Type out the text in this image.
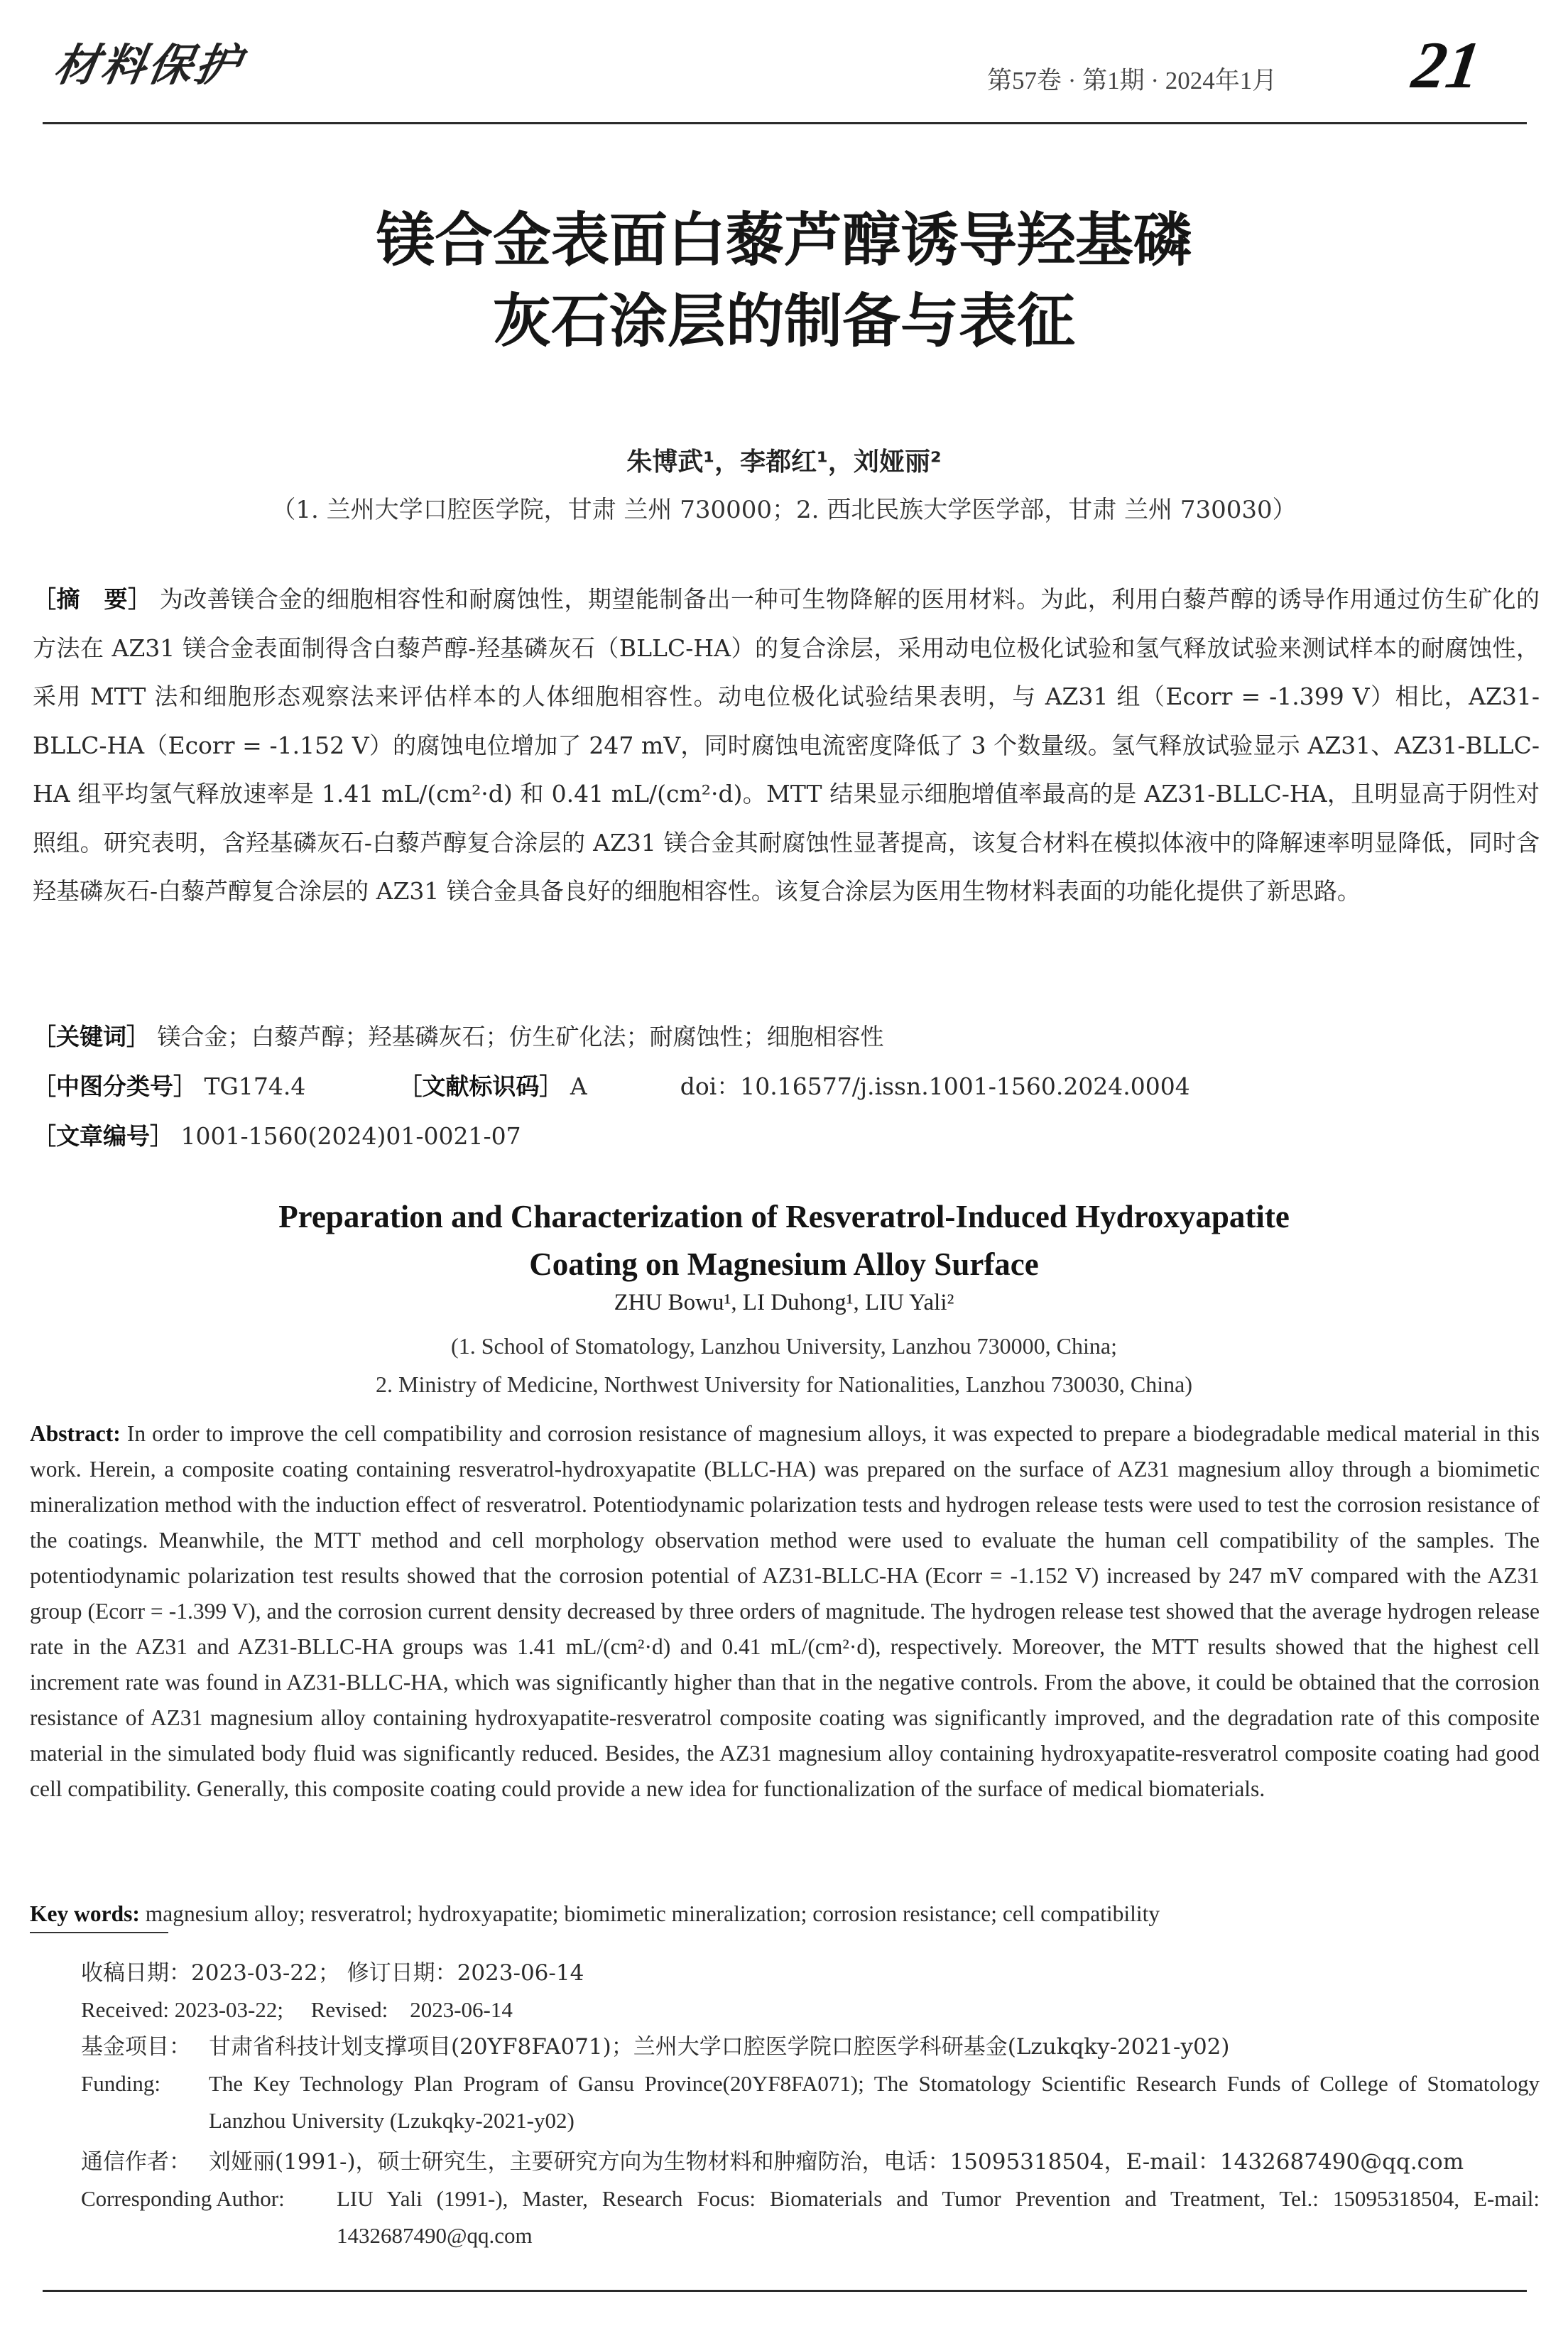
材料保护	第57卷 · 第1期 · 2024年1月 21
镁合金表面白藜芦醇诱导羟基磷
灰石涂层的制备与表征
朱博武¹，李都红¹，刘娅丽²
（1. 兰州大学口腔医学院，甘肃 兰州 730000；2. 西北民族大学医学部，甘肃 兰州 730030）
［摘　要］ 为改善镁合金的细胞相容性和耐腐蚀性，期望能制备出一种可生物降解的医用材料。为此，利用白藜芦醇的诱导作用通过仿生矿化的方法在 AZ31 镁合金表面制得含白藜芦醇-羟基磷灰石（BLLC-HA）的复合涂层，采用动电位极化试验和氢气释放试验来测试样本的耐腐蚀性，采用 MTT 法和细胞形态观察法来评估样本的人体细胞相容性。动电位极化试验结果表明，与 AZ31 组（Ecorr = -1.399 V）相比，AZ31-BLLC-HA（Ecorr = -1.152 V）的腐蚀电位增加了 247 mV，同时腐蚀电流密度降低了 3 个数量级。氢气释放试验显示 AZ31、AZ31-BLLC-HA 组平均氢气释放速率是 1.41 mL/(cm²·d) 和 0.41 mL/(cm²·d)。MTT 结果显示细胞增值率最高的是 AZ31-BLLC-HA，且明显高于阴性对照组。研究表明，含羟基磷灰石-白藜芦醇复合涂层的 AZ31 镁合金其耐腐蚀性显著提高，该复合材料在模拟体液中的降解速率明显降低，同时含羟基磷灰石-白藜芦醇复合涂层的 AZ31 镁合金具备良好的细胞相容性。该复合涂层为医用生物材料表面的功能化提供了新思路。
［关键词］ 镁合金；白藜芦醇；羟基磷灰石；仿生矿化法；耐腐蚀性；细胞相容性
［中图分类号］ TG174.4	［文献标识码］ A	doi：10.16577/j.issn.1001-1560.2024.0004
［文章编号］ 1001-1560(2024)01-0021-07
Preparation and Characterization of Resveratrol-Induced Hydroxyapatite
Coating on Magnesium Alloy Surface
ZHU Bowu¹, LI Duhong¹, LIU Yali²
(1. School of Stomatology, Lanzhou University, Lanzhou 730000, China;
2. Ministry of Medicine, Northwest University for Nationalities, Lanzhou 730030, China)
Abstract: In order to improve the cell compatibility and corrosion resistance of magnesium alloys, it was expected to prepare a biodegradable medical material in this work. Herein, a composite coating containing resveratrol-hydroxyapatite (BLLC-HA) was prepared on the surface of AZ31 magnesium alloy through a biomimetic mineralization method with the induction effect of resveratrol. Potentiodynamic polarization tests and hydrogen release tests were used to test the corrosion resistance of the coatings. Meanwhile, the MTT method and cell morphology observation method were used to evaluate the human cell compatibility of the samples. The potentiodynamic polarization test results showed that the corrosion potential of AZ31-BLLC-HA (Ecorr = -1.152 V) increased by 247 mV compared with the AZ31 group (Ecorr = -1.399 V), and the corrosion current density decreased by three orders of magnitude. The hydrogen release test showed that the average hydrogen release rate in the AZ31 and AZ31-BLLC-HA groups was 1.41 mL/(cm²·d) and 0.41 mL/(cm²·d), respectively. Moreover, the MTT results showed that the highest cell increment rate was found in AZ31-BLLC-HA, which was significantly higher than that in the negative controls. From the above, it could be obtained that the corrosion resistance of AZ31 magnesium alloy containing hydroxyapatite-resveratrol composite coating was significantly improved, and the degradation rate of this composite material in the simulated body fluid was significantly reduced. Besides, the AZ31 magnesium alloy containing hydroxyapatite-resveratrol composite coating had good cell compatibility. Generally, this composite coating could provide a new idea for functionalization of the surface of medical biomaterials.
Key words: magnesium alloy; resveratrol; hydroxyapatite; biomimetic mineralization; corrosion resistance; cell compatibility
收稿日期：2023-03-22； 修订日期：2023-06-14
Received: 2023-03-22; Revised: 2023-06-14
基金项目： 甘肃省科技计划支撑项目(20YF8FA071)；兰州大学口腔医学院口腔医学科研基金(Lzukqky-2021-y02)
Funding: The Key Technology Plan Program of Gansu Province(20YF8FA071); The Stomatology Scientific Research Funds of College of Stomatology Lanzhou University (Lzukqky-2021-y02)
通信作者： 刘娅丽(1991-)，硕士研究生，主要研究方向为生物材料和肿瘤防治，电话：15095318504，E-mail：1432687490@qq.com
Corresponding Author: LIU Yali (1991-), Master, Research Focus: Biomaterials and Tumor Prevention and Treatment, Tel.: 15095318504, E-mail: 1432687490@qq.com
